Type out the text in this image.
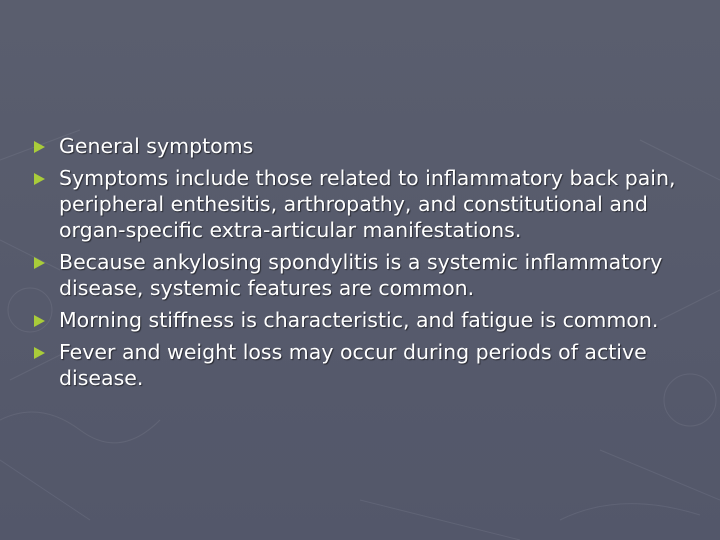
General symptoms
Symptoms include those related to inflammatory back pain, peripheral enthesitis, arthropathy, and constitutional and organ-specific extra-articular manifestations.
Because ankylosing spondylitis is a systemic inflammatory disease, systemic features are common.
Morning stiffness is characteristic, and fatigue is common.
Fever and weight loss may occur during periods of active disease.
